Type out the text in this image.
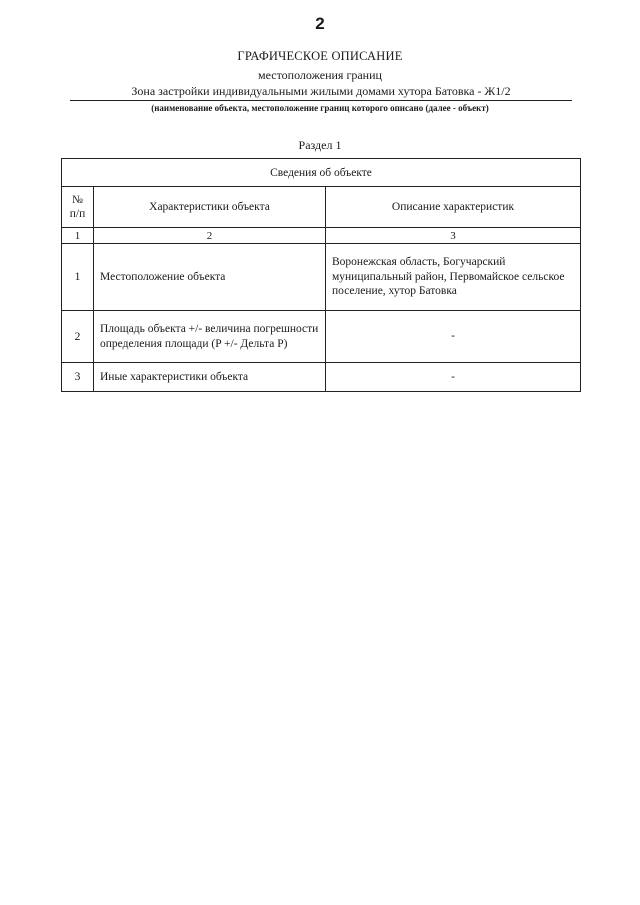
2
ГРАФИЧЕСКОЕ ОПИСАНИЕ
местоположения границ
Зона застройки индивидуальными жилыми домами хутора Батовка - Ж1/2
(наименование объекта, местоположение границ которого описано (далее - объект)
Раздел 1
Сведения об объекте		
№
п/п	Характеристики объекта	Описание характеристик
1	2	3
1	Местоположение объекта	Воронежская область, Богучарский муниципальный район, Первомайское сельское поселение, хутор Батовка
2	Площадь объекта +/- величина погрешности определения площади (P +/- Дельта P)	-
3	Иные характеристики объекта	-
